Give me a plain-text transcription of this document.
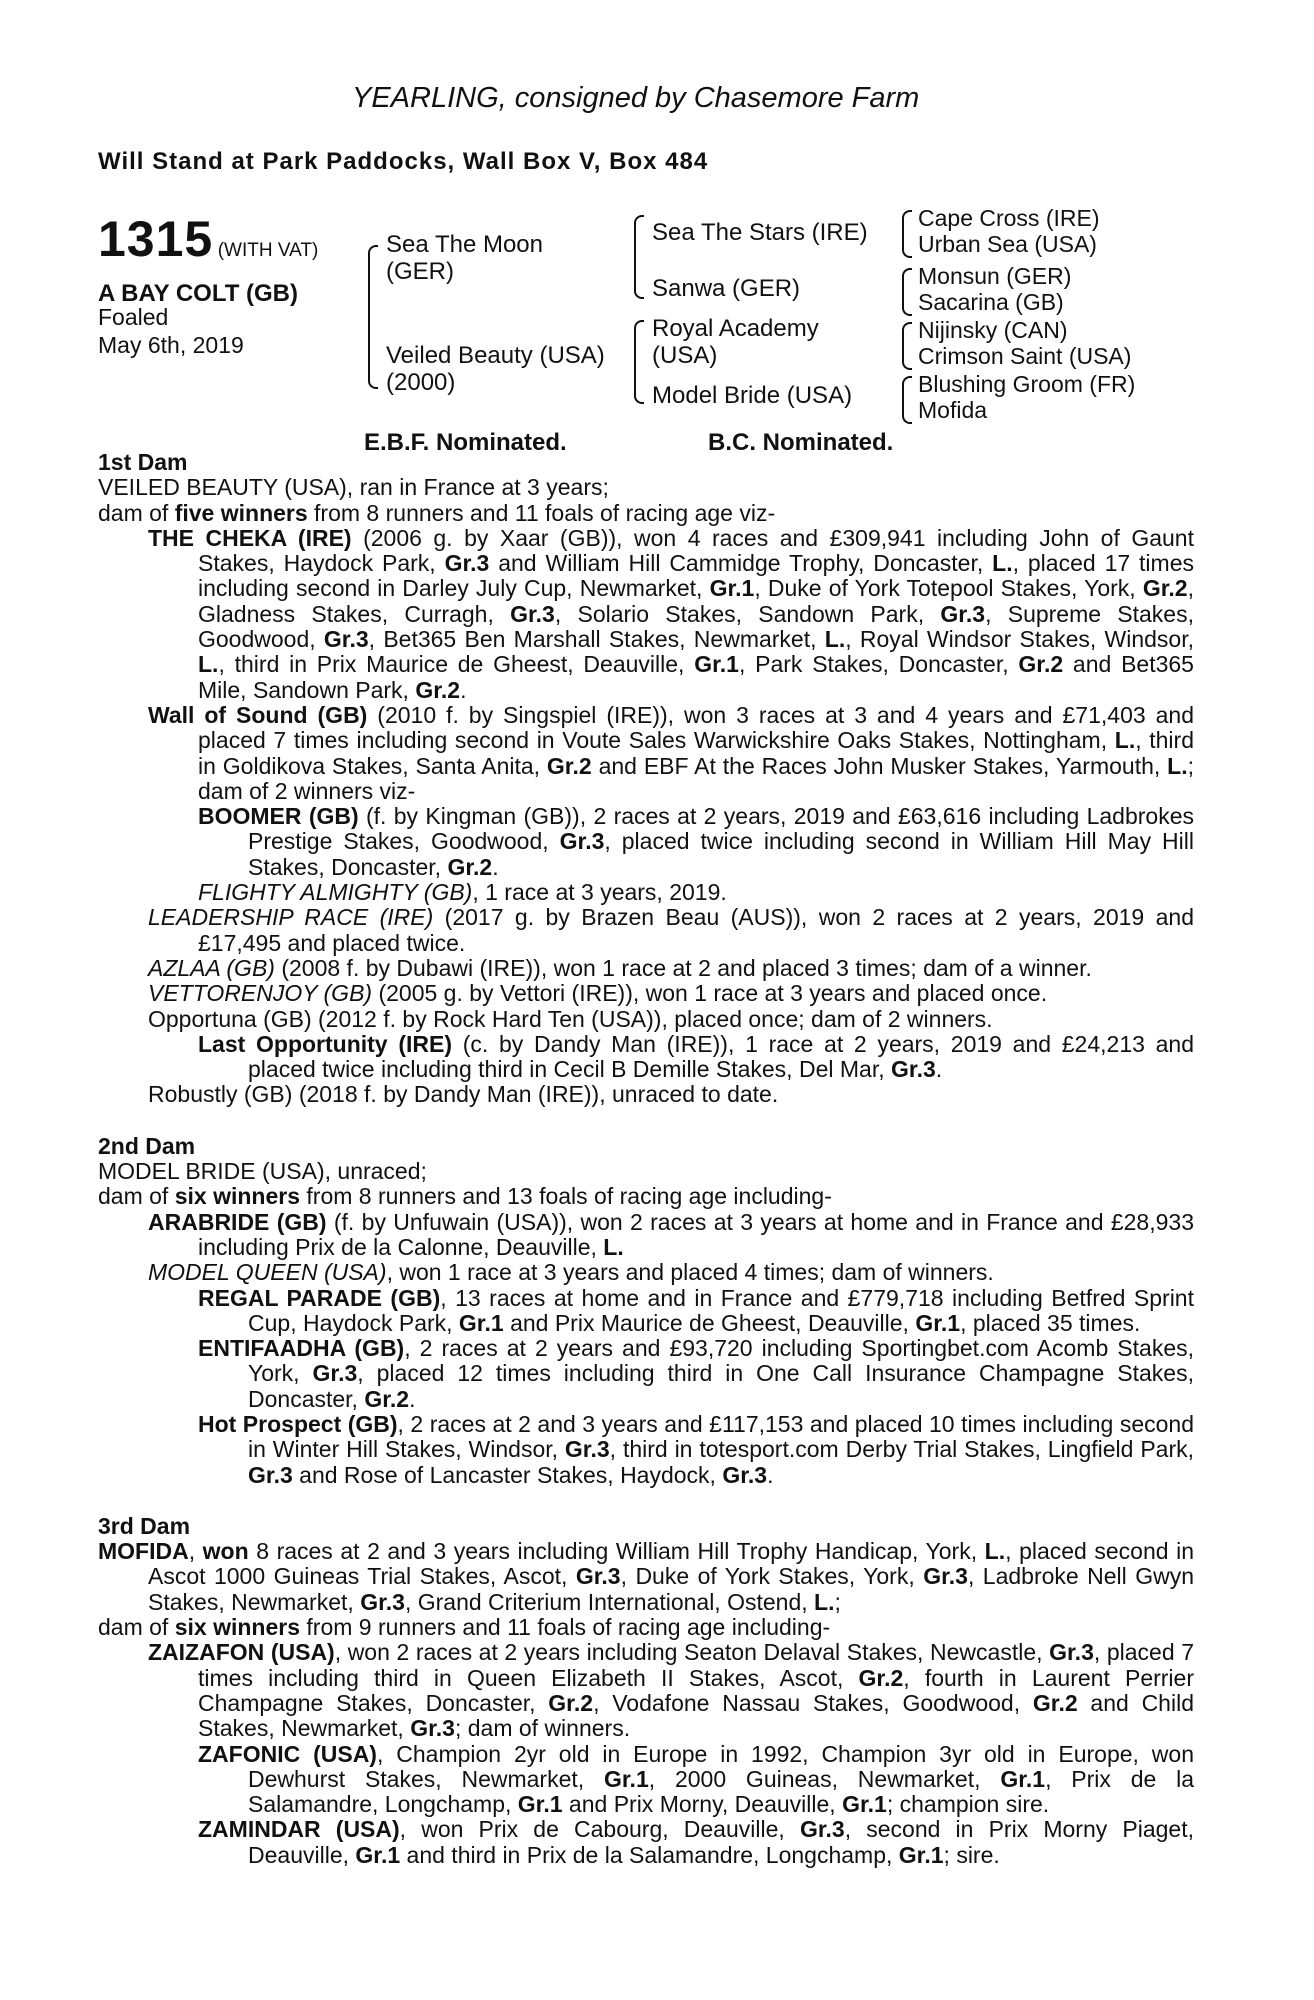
YEARLING, consigned by Chasemore Farm
Will Stand at Park Paddocks, Wall Box V, Box 484
1315 (WITH VAT)
A BAY COLT (GB)
Foaled
May 6th, 2019
Sea The Moon
(GER)
Veiled Beauty (USA)
(2000)
Sea The Stars (IRE)
Sanwa (GER)
Royal Academy
(USA)
Model Bride (USA)
Cape Cross (IRE)
Urban Sea (USA)
Monsun (GER)
Sacarina (GB)
Nijinsky (CAN)
Crimson Saint (USA)
Blushing Groom (FR)
Mofida
E.B.F. Nominated.	B.C. Nominated.
1st Dam
VEILED BEAUTY (USA), ran in France at 3 years;
dam of five winners from 8 runners and 11 foals of racing age viz-
THE CHEKA (IRE) (2006 g. by Xaar (GB)), won 4 races and £309,941 including John of Gaunt Stakes, Haydock Park, Gr.3 and William Hill Cammidge Trophy, Doncaster, L., placed 17 times including second in Darley July Cup, Newmarket, Gr.1, Duke of York Totepool Stakes, York, Gr.2, Gladness Stakes, Curragh, Gr.3, Solario Stakes, Sandown Park, Gr.3, Supreme Stakes, Goodwood, Gr.3, Bet365 Ben Marshall Stakes, Newmarket, L., Royal Windsor Stakes, Windsor, L., third in Prix Maurice de Gheest, Deauville, Gr.1, Park Stakes, Doncaster, Gr.2 and Bet365 Mile, Sandown Park, Gr.2.
Wall of Sound (GB) (2010 f. by Singspiel (IRE)), won 3 races at 3 and 4 years and £71,403 and placed 7 times including second in Voute Sales Warwickshire Oaks Stakes, Nottingham, L., third in Goldikova Stakes, Santa Anita, Gr.2 and EBF At the Races John Musker Stakes, Yarmouth, L.; dam of 2 winners viz-
BOOMER (GB) (f. by Kingman (GB)), 2 races at 2 years, 2019 and £63,616 including Ladbrokes Prestige Stakes, Goodwood, Gr.3, placed twice including second in William Hill May Hill Stakes, Doncaster, Gr.2.
FLIGHTY ALMIGHTY (GB), 1 race at 3 years, 2019.
LEADERSHIP RACE (IRE) (2017 g. by Brazen Beau (AUS)), won 2 races at 2 years, 2019 and £17,495 and placed twice.
AZLAA (GB) (2008 f. by Dubawi (IRE)), won 1 race at 2 and placed 3 times; dam of a winner.
VETTORENJOY (GB) (2005 g. by Vettori (IRE)), won 1 race at 3 years and placed once.
Opportuna (GB) (2012 f. by Rock Hard Ten (USA)), placed once; dam of 2 winners.
Last Opportunity (IRE) (c. by Dandy Man (IRE)), 1 race at 2 years, 2019 and £24,213 and placed twice including third in Cecil B Demille Stakes, Del Mar, Gr.3.
Robustly (GB) (2018 f. by Dandy Man (IRE)), unraced to date.
2nd Dam
MODEL BRIDE (USA), unraced;
dam of six winners from 8 runners and 13 foals of racing age including-
ARABRIDE (GB) (f. by Unfuwain (USA)), won 2 races at 3 years at home and in France and £28,933 including Prix de la Calonne, Deauville, L.
MODEL QUEEN (USA), won 1 race at 3 years and placed 4 times; dam of winners.
REGAL PARADE (GB), 13 races at home and in France and £779,718 including Betfred Sprint Cup, Haydock Park, Gr.1 and Prix Maurice de Gheest, Deauville, Gr.1, placed 35 times.
ENTIFAADHA (GB), 2 races at 2 years and £93,720 including Sportingbet.com Acomb Stakes, York, Gr.3, placed 12 times including third in One Call Insurance Champagne Stakes, Doncaster, Gr.2.
Hot Prospect (GB), 2 races at 2 and 3 years and £117,153 and placed 10 times including second in Winter Hill Stakes, Windsor, Gr.3, third in totesport.com Derby Trial Stakes, Lingfield Park, Gr.3 and Rose of Lancaster Stakes, Haydock, Gr.3.
3rd Dam
MOFIDA, won 8 races at 2 and 3 years including William Hill Trophy Handicap, York, L., placed second in Ascot 1000 Guineas Trial Stakes, Ascot, Gr.3, Duke of York Stakes, York, Gr.3, Ladbroke Nell Gwyn Stakes, Newmarket, Gr.3, Grand Criterium International, Ostend, L.;
dam of six winners from 9 runners and 11 foals of racing age including-
ZAIZAFON (USA), won 2 races at 2 years including Seaton Delaval Stakes, Newcastle, Gr.3, placed 7 times including third in Queen Elizabeth II Stakes, Ascot, Gr.2, fourth in Laurent Perrier Champagne Stakes, Doncaster, Gr.2, Vodafone Nassau Stakes, Goodwood, Gr.2 and Child Stakes, Newmarket, Gr.3; dam of winners.
ZAFONIC (USA), Champion 2yr old in Europe in 1992, Champion 3yr old in Europe, won Dewhurst Stakes, Newmarket, Gr.1, 2000 Guineas, Newmarket, Gr.1, Prix de la Salamandre, Longchamp, Gr.1 and Prix Morny, Deauville, Gr.1; champion sire.
ZAMINDAR (USA), won Prix de Cabourg, Deauville, Gr.3, second in Prix Morny Piaget, Deauville, Gr.1 and third in Prix de la Salamandre, Longchamp, Gr.1; sire.
